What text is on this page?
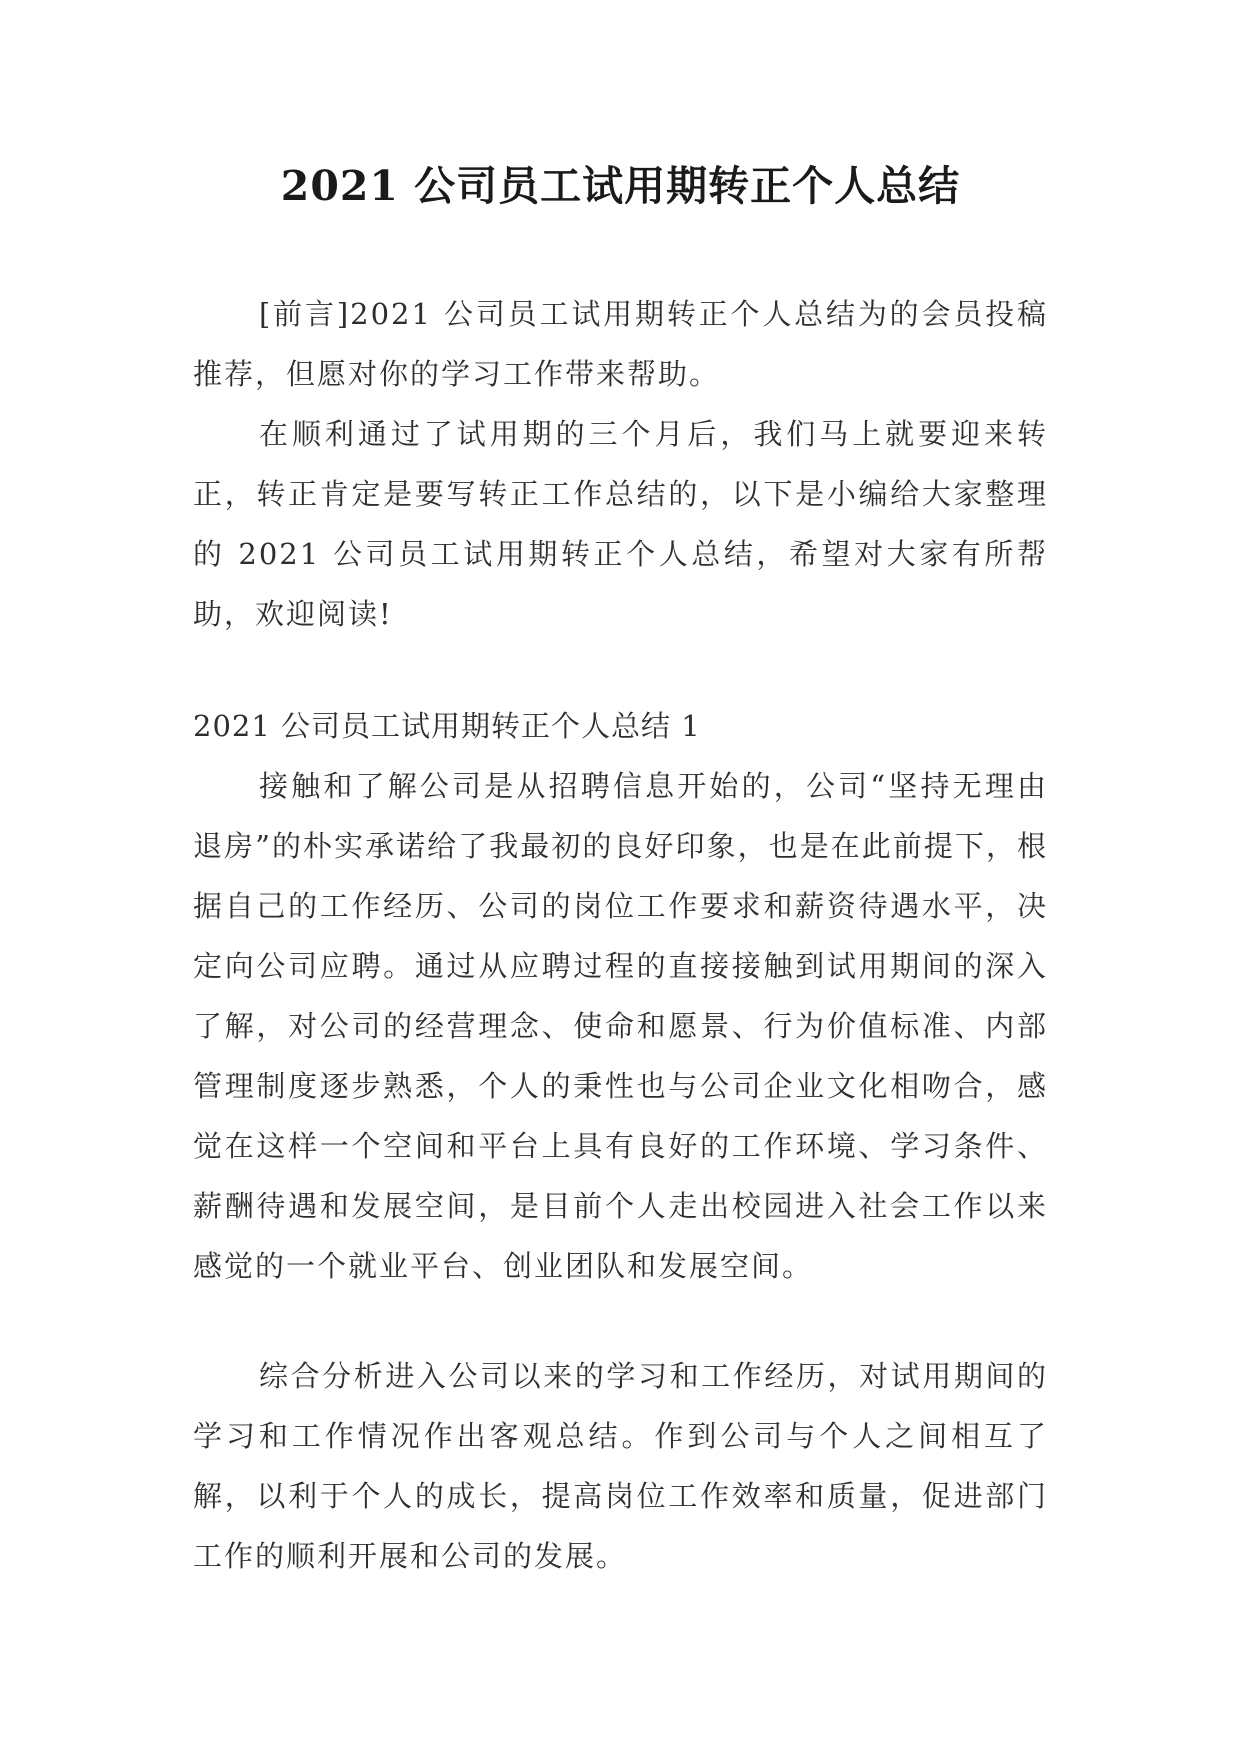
2021 公司员工试用期转正个人总结

[前言]2021 公司员工试用期转正个人总结为的会员投稿推荐，但愿对你的学习工作带来帮助。

在顺利通过了试用期的三个月后，我们马上就要迎来转正，转正肯定是要写转正工作总结的，以下是小编给大家整理的 2021 公司员工试用期转正个人总结，希望对大家有所帮助，欢迎阅读!

2021 公司员工试用期转正个人总结 1

接触和了解公司是从招聘信息开始的，公司“坚持无理由退房”的朴实承诺给了我最初的良好印象，也是在此前提下，根据自己的工作经历、公司的岗位工作要求和薪资待遇水平，决定向公司应聘。通过从应聘过程的直接接触到试用期间的深入了解，对公司的经营理念、使命和愿景、行为价值标准、内部管理制度逐步熟悉，个人的秉性也与公司企业文化相吻合，感觉在这样一个空间和平台上具有良好的工作环境、学习条件、薪酬待遇和发展空间，是目前个人走出校园进入社会工作以来感觉的一个就业平台、创业团队和发展空间。

综合分析进入公司以来的学习和工作经历，对试用期间的学习和工作情况作出客观总结。作到公司与个人之间相互了解，以利于个人的成长，提高岗位工作效率和质量，促进部门工作的顺利开展和公司的发展。
